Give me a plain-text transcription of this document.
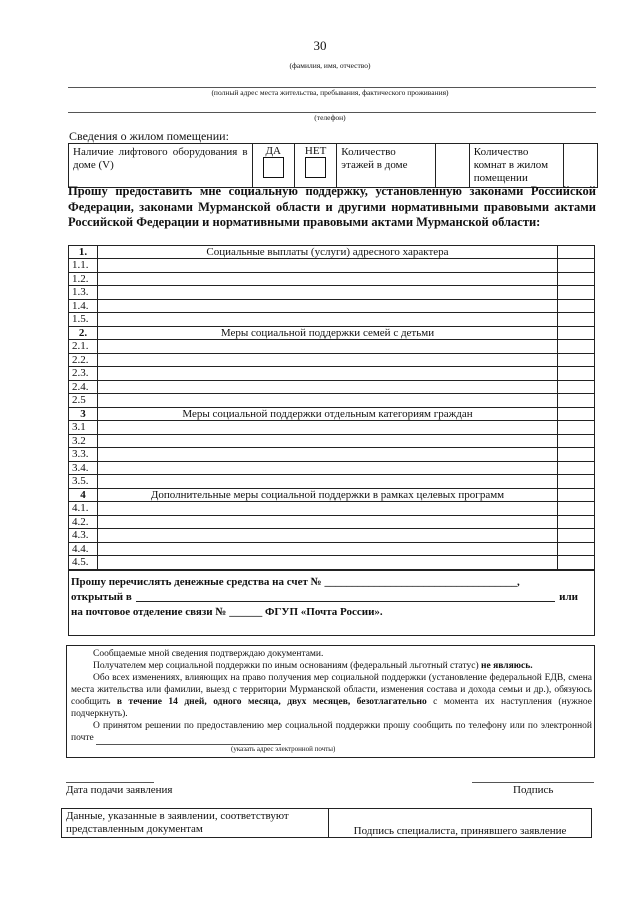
30
(фамилия, имя, отчество)
(полный адрес места жительства, пребывания, фактического проживания)
(телефон)
Сведения о жилом помещении:
Наличие лифтового оборудования в доме (V)	
ДА	НЕТ	Количество этажей в доме		Количество комнат в жилом помещении	
Прошу предоставить мне социальную поддержку, установленную законами Российской Федерации, законами Мурманской области и другими нормативными правовыми актами Российской Федерации и нормативными правовыми актами Мурманской области:
1.	Социальные выплаты (услуги) адресного характера	
1.1.		
1.2.		
1.3.		
1.4.		
1.5.		
2.	Меры социальной поддержки семей с детьми	
2.1.		
2.2.		
2.3.		
2.4.		
2.5		
3	Меры социальной поддержки отдельным категориям граждан	
3.1		
3.2		
3.3.		
3.4.		
3.5.		
4	Дополнительные меры социальной поддержки в рамках целевых программ	
4.1.		
4.2.		
4.3.		
4.4.		
4.5.		
Прошу перечислять денежные средства на счет № ___________________________________,
открытый в	или
на почтовое отделение связи № ______ ФГУП «Почта России».
Сообщаемые мной сведения подтверждаю документами.
Получателем мер социальной поддержки по иным основаниям (федеральный льготный статус) не являюсь.
Обо всех изменениях, влияющих на право получения мер социальной поддержки (установление федеральной ЕДВ, смена места жительства или фамилии, выезд с территории Мурманской области, изменения состава и дохода семьи и др.), обязуюсь сообщить в течение 14 дней, одного месяца, двух месяцев, безотлагательно с момента их наступления (нужное подчеркнуть).
О принятом решении по предоставлению мер социальной поддержки прошу сообщить по телефону или по электронной почте
(указать адрес электронной почты)
Дата подачи заявления	Подпись
Данные, указанные в заявлении, соответствуют представленным документам	Подпись специалиста, принявшего заявление
